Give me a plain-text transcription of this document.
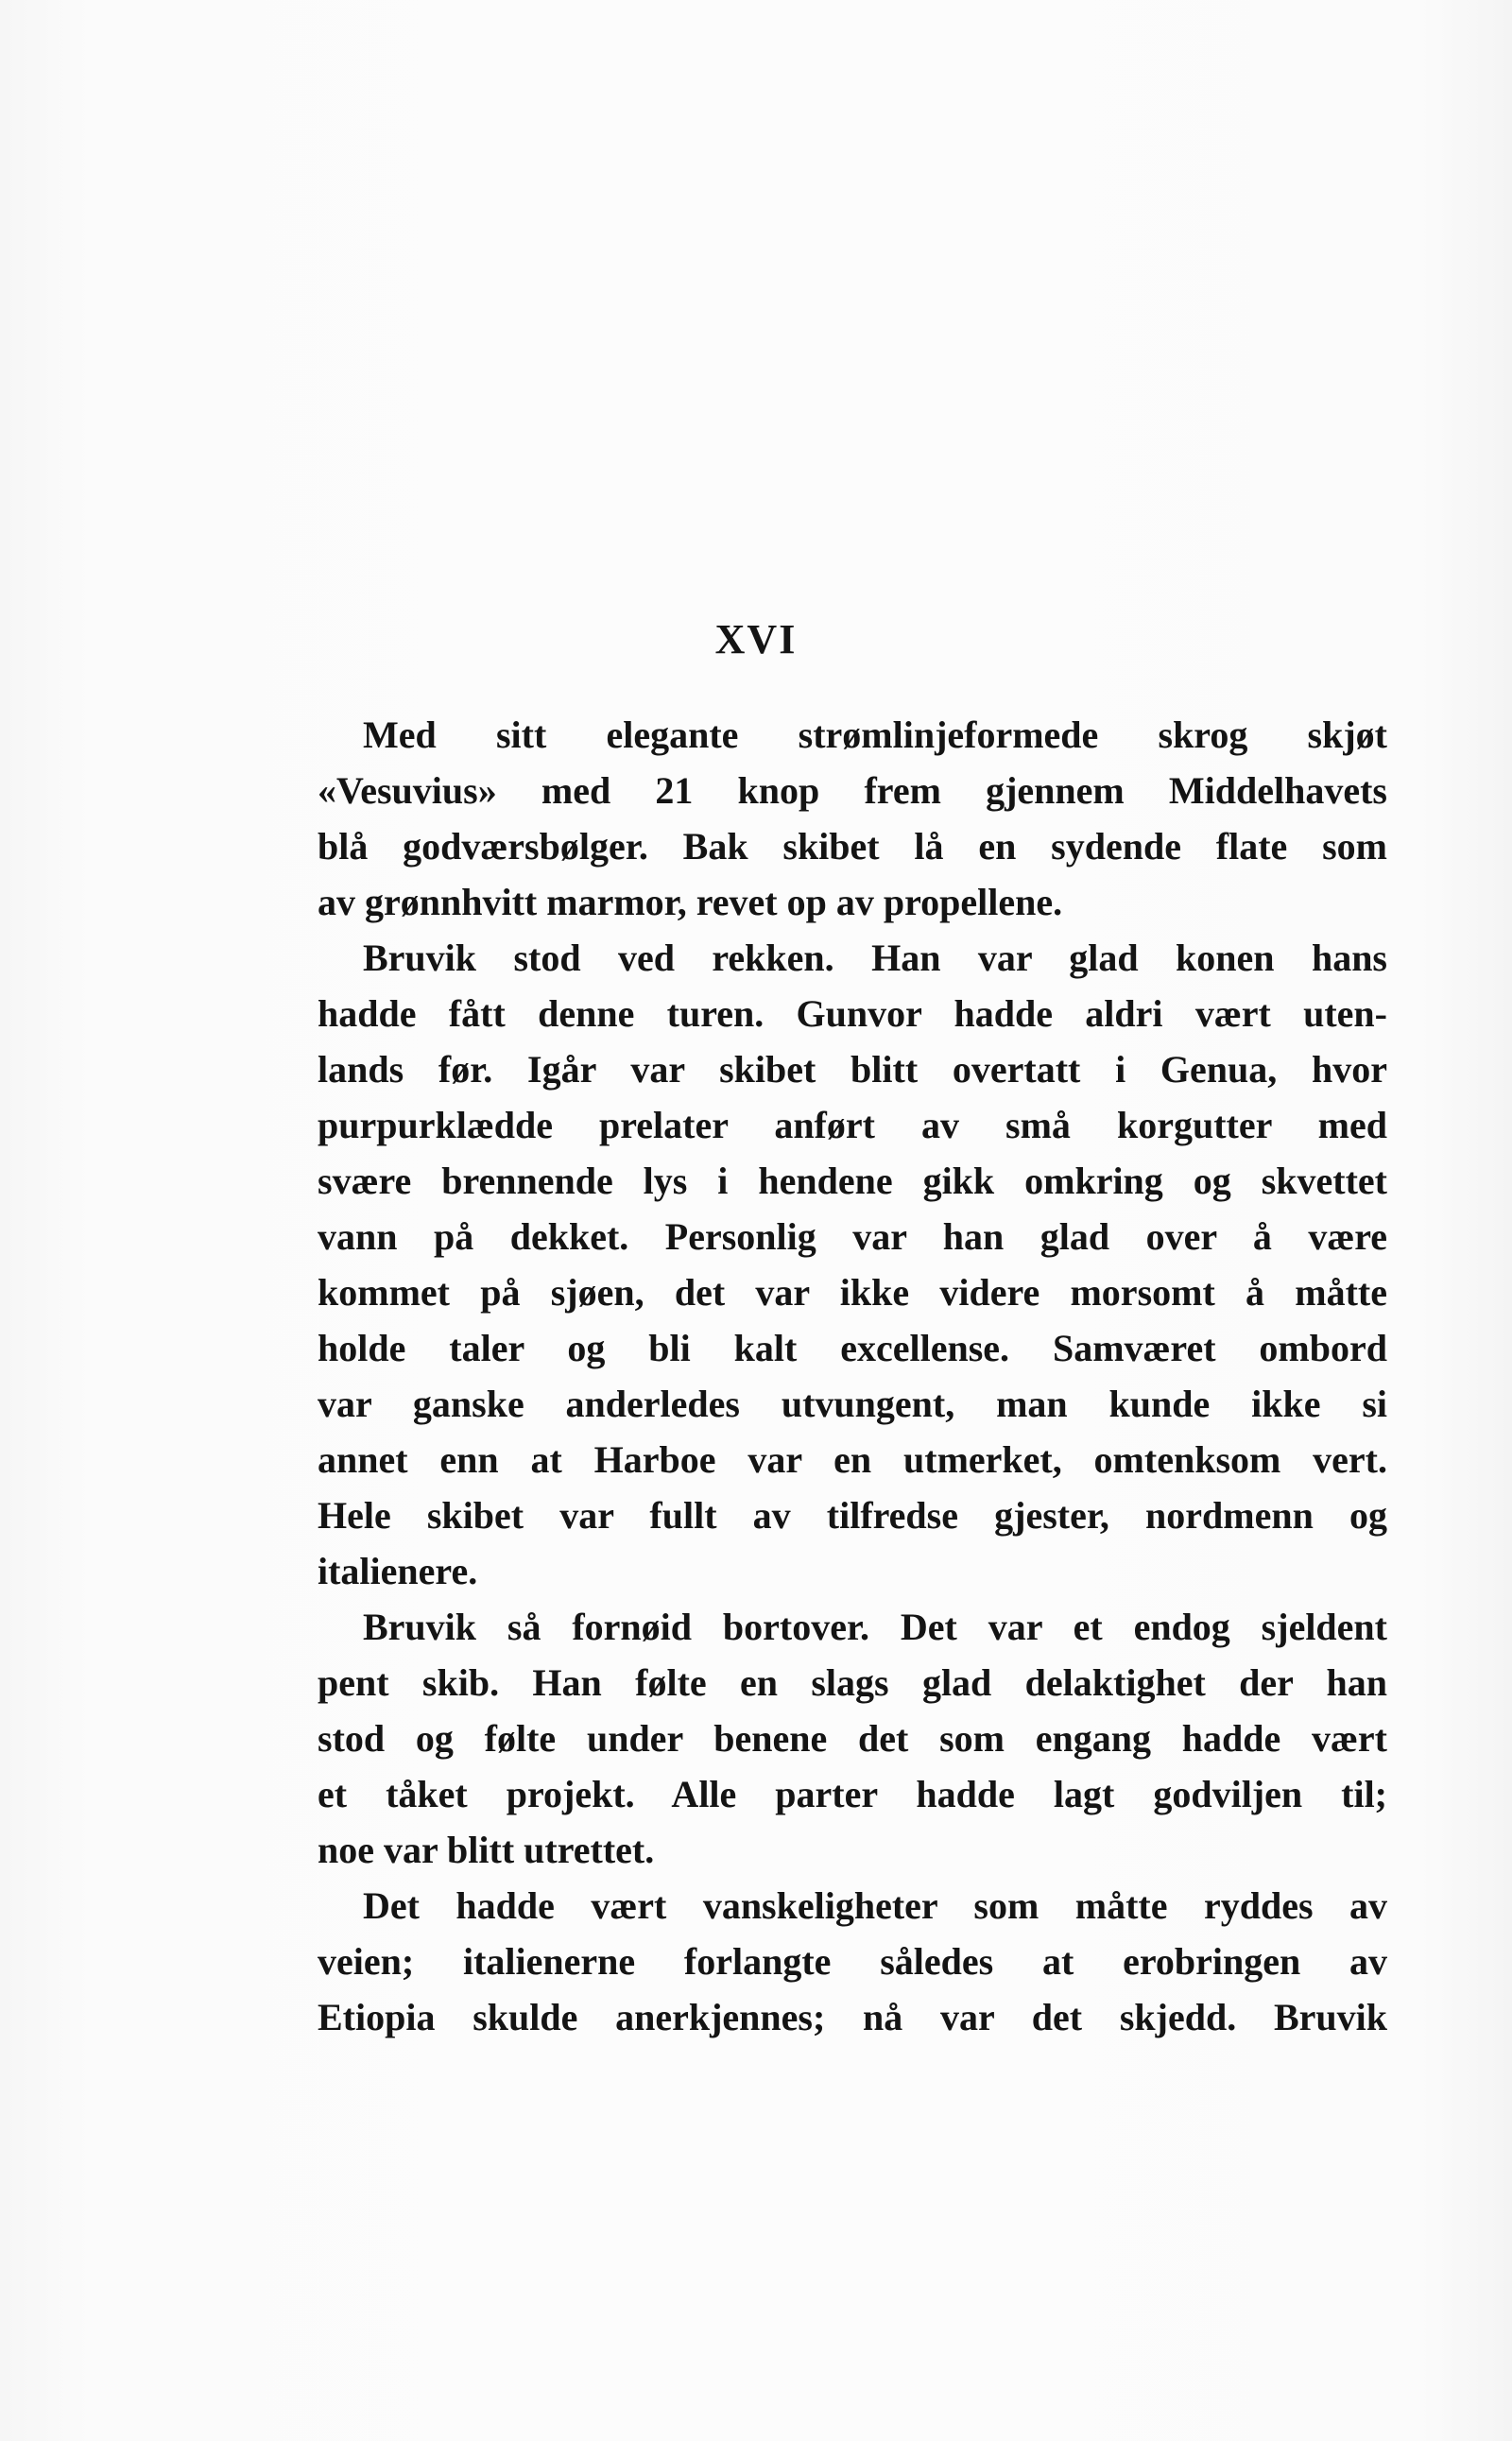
XVI

Med sitt elegante strømlinjeformede skrog skjøt
«Vesuvius» med 21 knop frem gjennem Middelhavets
blå godværsbølger. Bak skibet lå en sydende flate som
av grønnhvitt marmor, revet op av propellene.

Bruvik stod ved rekken. Han var glad konen hans
hadde fått denne turen. Gunvor hadde aldri vært uten-
lands før. Igår var skibet blitt overtatt i Genua, hvor
purpurklædde prelater anført av små korgutter med
svære brennende lys i hendene gikk omkring og skvettet
vann på dekket. Personlig var han glad over å være
kommet på sjøen, det var ikke videre morsomt å måtte
holde taler og bli kalt excellense. Samværet ombord
var ganske anderledes utvungent, man kunde ikke si
annet enn at Harboe var en utmerket, omtenksom vert.
Hele skibet var fullt av tilfredse gjester, nordmenn og
italienere.

Bruvik så fornøid bortover. Det var et endog sjeldent
pent skib. Han følte en slags glad delaktighet der han
stod og følte under benene det som engang hadde vært
et tåket projekt. Alle parter hadde lagt godviljen til;
noe var blitt utrettet.

Det hadde vært vanskeligheter som måtte ryddes av
veien; italienerne forlangte således at erobringen av
Etiopia skulde anerkjennes; nå var det skjedd. Bruvik
